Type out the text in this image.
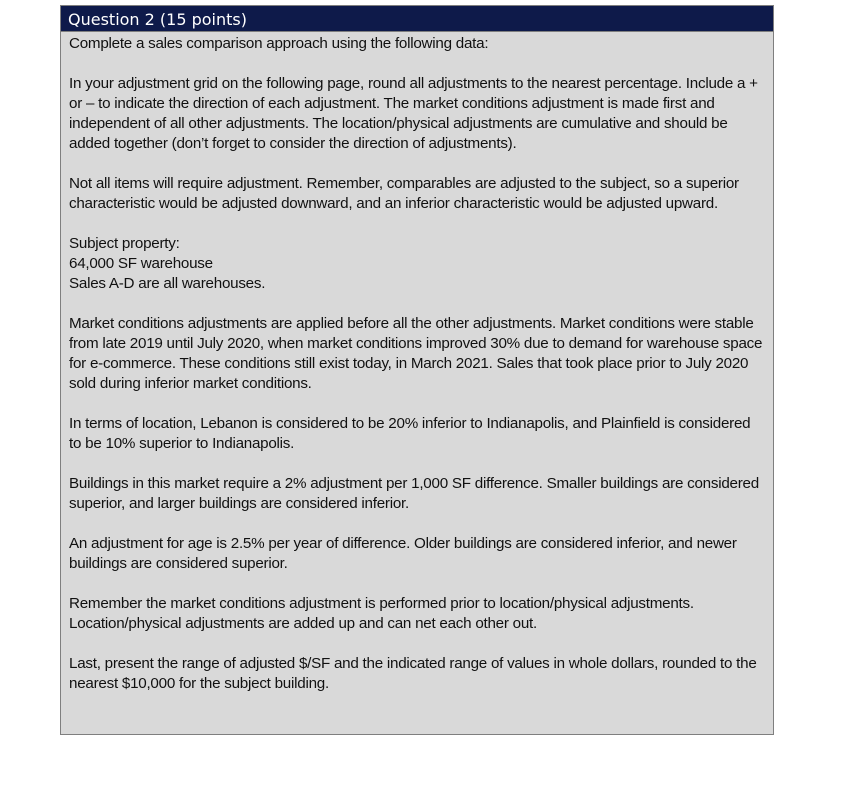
Question 2 (15 points)
Complete a sales comparison approach using the following data:
In your adjustment grid on the following page, round all adjustments to the nearest percentage. Include a +
or – to indicate the direction of each adjustment. The market conditions adjustment is made first and
independent of all other adjustments. The location/physical adjustments are cumulative and should be
added together (don’t forget to consider the direction of adjustments).
Not all items will require adjustment. Remember, comparables are adjusted to the subject, so a superior
characteristic would be adjusted downward, and an inferior characteristic would be adjusted upward.
Subject property:
64,000 SF warehouse
Sales A-D are all warehouses.
Market conditions adjustments are applied before all the other adjustments. Market conditions were stable
from late 2019 until July 2020, when market conditions improved 30% due to demand for warehouse space
for e-commerce. These conditions still exist today, in March 2021. Sales that took place prior to July 2020
sold during inferior market conditions.
In terms of location, Lebanon is considered to be 20% inferior to Indianapolis, and Plainfield is considered
to be 10% superior to Indianapolis.
Buildings in this market require a 2% adjustment per 1,000 SF difference. Smaller buildings are considered
superior, and larger buildings are considered inferior.
An adjustment for age is 2.5% per year of difference. Older buildings are considered inferior, and newer
buildings are considered superior.
Remember the market conditions adjustment is performed prior to location/physical adjustments.
Location/physical adjustments are added up and can net each other out.
Last, present the range of adjusted $/SF and the indicated range of values in whole dollars, rounded to the
nearest $10,000 for the subject building.
